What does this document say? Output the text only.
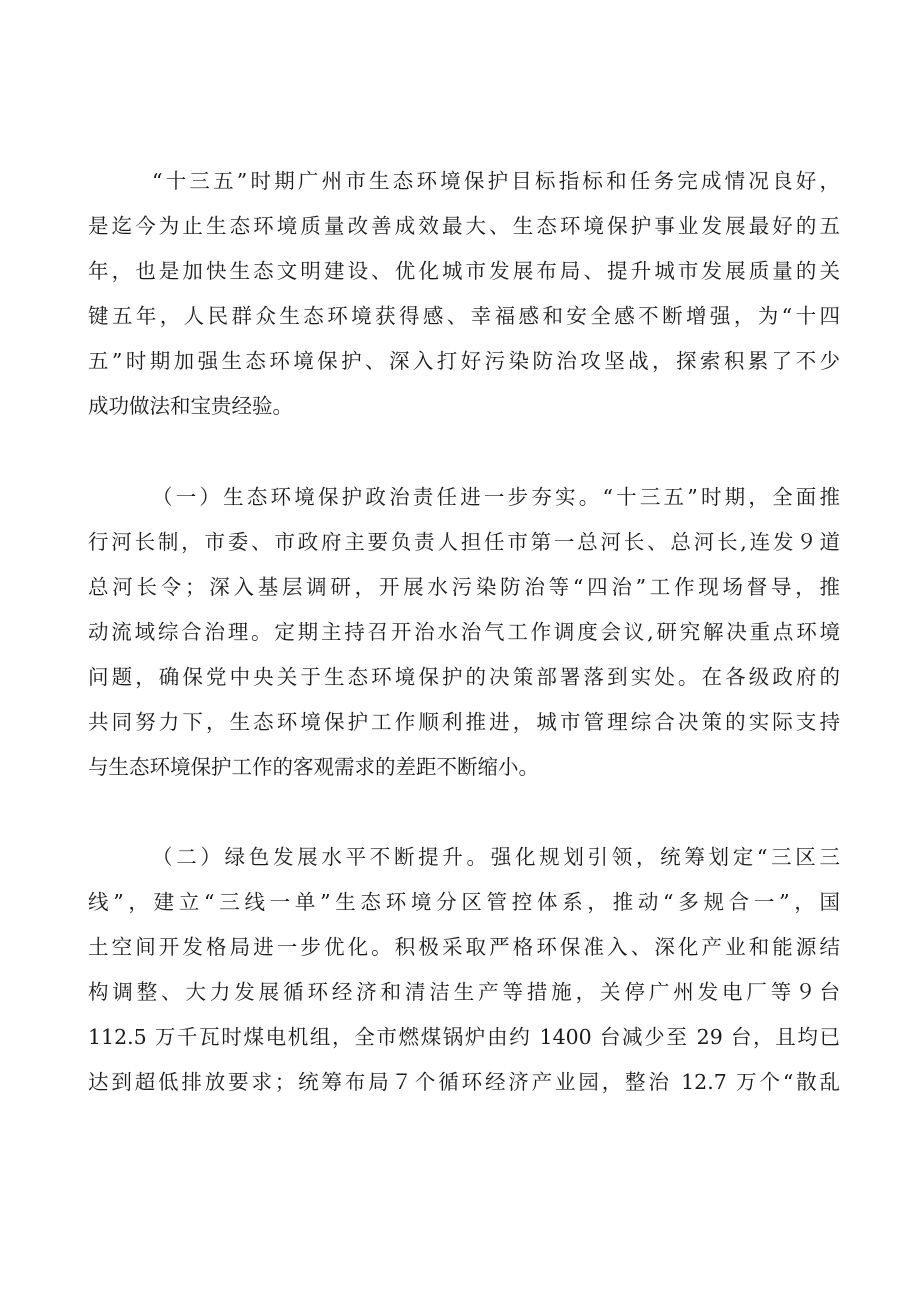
“十三五”时期广州市生态环境保护目标指标和任务完成情况良好，
是迄今为止生态环境质量改善成效最大、生态环境保护事业发展最好的五
年，也是加快生态文明建设、优化城市发展布局、提升城市发展质量的关
键五年，人民群众生态环境获得感、幸福感和安全感不断增强，为“十四
五”时期加强生态环境保护、深入打好污染防治攻坚战，探索积累了不少
成功做法和宝贵经验。
（一）生态环境保护政治责任进一步夯实。“十三五”时期，全面推
行河长制，市委、市政府主要负责人担任市第一总河长、总河长,连发９道
总河长令；深入基层调研，开展水污染防治等“四治”工作现场督导，推
动流域综合治理。定期主持召开治水治气工作调度会议,研究解决重点环境
问题，确保党中央关于生态环境保护的决策部署落到实处。在各级政府的
共同努力下，生态环境保护工作顺利推进，城市管理综合决策的实际支持
与生态环境保护工作的客观需求的差距不断缩小。
（二）绿色发展水平不断提升。强化规划引领，统筹划定“三区三
线”，建立“三线一单”生态环境分区管控体系，推动“多规合一”，国
土空间开发格局进一步优化。积极采取严格环保准入、深化产业和能源结
构调整、大力发展循环经济和清洁生产等措施，关停广州发电厂等９台
112.5 万千瓦时煤电机组，全市燃煤锅炉由约 1400 台减少至 29 台，且均已
达到超低排放要求；统筹布局７个循环经济产业园，整治 12.7 万个“散乱
